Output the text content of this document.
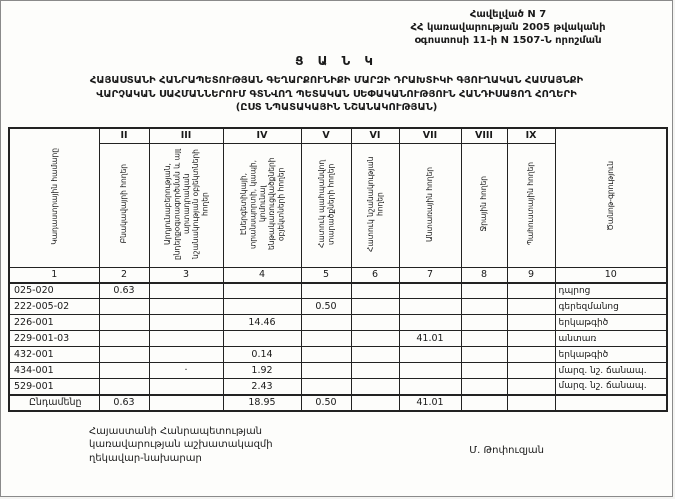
Հավելված N 7
ՀՀ կառավարության 2005 թվականի
օգոստոսի 11-ի N 1507-Ն որոշման
Ց Ա Ն Կ
ՀԱՅԱՍՏԱՆԻ ՀԱՆՐԱՊԵՏՈՒԹՅԱՆ ԳԵՂԱՐՔՈՒՆԻՔԻ ՄԱՐԶԻ ԴՐԱԽՏԻԿԻ ԳՅՈՒՂԱԿԱՆ ՀԱՄԱՅՆՔԻ
ՎԱՐՉԱԿԱՆ ՍԱՀՄԱՆՆԵՐՈՒՄ ԳՏՆՎՈՂ ՊԵՏԱԿԱՆ ՍԵՓԱԿԱՆՈՒԹՅՈՒՆ ՀԱՆԴԻՍԱՑՈՂ ՀՈՂԵՐԻ
(ԸՍՏ ՆՊԱՏԱԿԱՅԻՆ ՆՇԱՆԱԿՈՒԹՅԱՆ)
Կադաստրային համարը	II	III	IV	V	VI	VII	VIII	IX	Ծանոթ-գրություն
	Բնակավայրի հողեր	Արդյունաբերության, ընդերքօգտագործման և այլ արտադրական նշանակության օբյեկտների հողեր	Էներգետիկայի, տրանսպորտի, կապի, կոմունալ ենթակառուցվածքների օբյեկտների հողեր	Հատուկ պահպանվող տարածքների հողեր	Հատուկ նշանակության հողեր	Անտառային հողեր	Ջրային հողեր	Պահուստային հողեր	
1	2	3	4	5	6	7	8	9	10
025-020	0.63								դպրոց
222-005-02				0.50					գերեզմանոց
226-001			14.46						երկաթգիծ
229-001-03						41.01			անտառ
432-001			0.14						երկաթգիծ
434-001		·	1.92						մարզ. նշ. ճանապ.
529-001			2.43						մարզ. նշ. ճանապ.
Ընդամենը	0.63		18.95	0.50		41.01			
Հայաստանի Հանրապետության
կառավարության աշխատակազմի
ղեկավար-նախարար
Մ. Թոփուզյան
